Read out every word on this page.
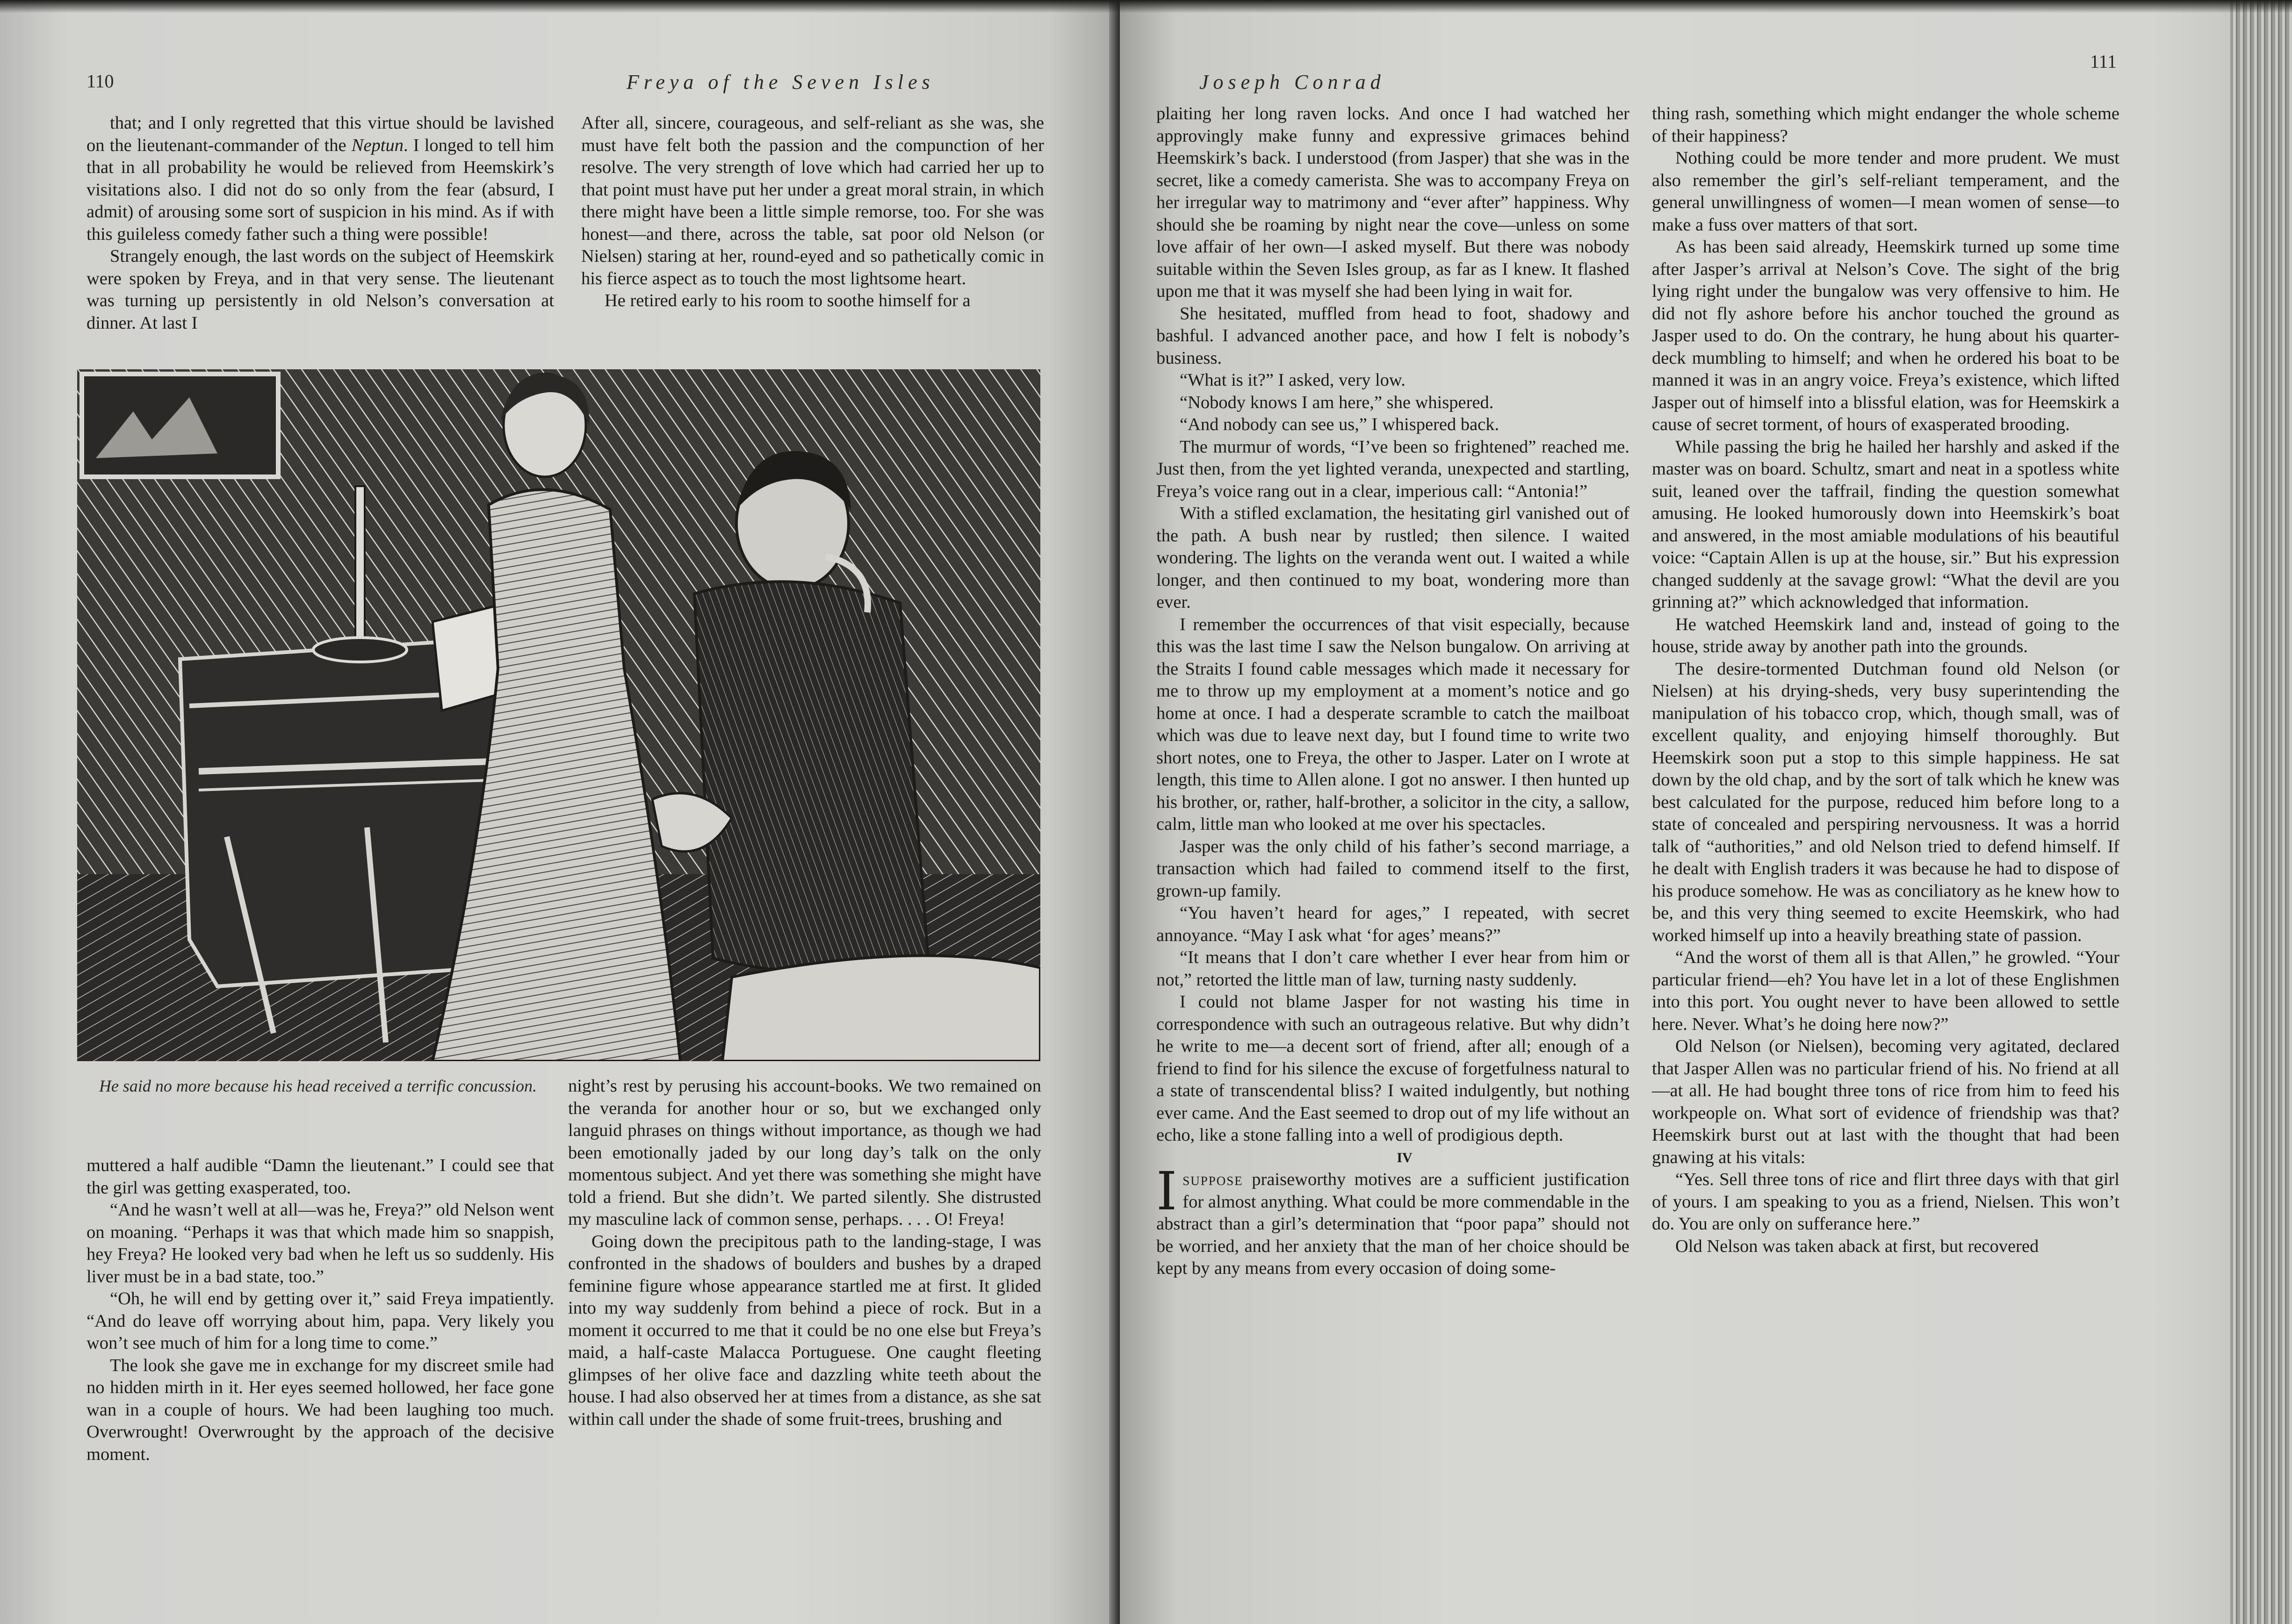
110	Freya of the Seven Isles

that; and I only regretted that this virtue should be lavished on the lieutenant-commander of the Neptun. I longed to tell him that in all probability he would be relieved from Heemskirk’s visitations also. I did not do so only from the fear (absurd, I admit) of arousing some sort of suspicion in his mind. As if with this guileless comedy father such a thing were possible!

Strangely enough, the last words on the subject of Heemskirk were spoken by Freya, and in that very sense. The lieutenant was turning up persistently in old Nelson’s conversation at dinner. At last I

After all, sincere, courageous, and self-reliant as she was, she must have felt both the passion and the compunction of her resolve. The very strength of love which had carried her up to that point must have put her under a great moral strain, in which there might have been a little simple remorse, too. For she was honest—and there, across the table, sat poor old Nelson (or Nielsen) staring at her, round-eyed and so pathetically comic in his fierce aspect as to touch the most lightsome heart.

He retired early to his room to soothe himself for a

He said no more because his head received a terrific concussion.

muttered a half audible “Damn the lieutenant.” I could see that the girl was getting exasperated, too.

“And he wasn’t well at all—was he, Freya?” old Nelson went on moaning. “Perhaps it was that which made him so snappish, hey Freya? He looked very bad when he left us so suddenly. His liver must be in a bad state, too.”

“Oh, he will end by getting over it,” said Freya impatiently. “And do leave off worrying about him, papa. Very likely you won’t see much of him for a long time to come.”

The look she gave me in exchange for my discreet smile had no hidden mirth in it. Her eyes seemed hollowed, her face gone wan in a couple of hours. We had been laughing too much. Overwrought! Overwrought by the approach of the decisive moment.

night’s rest by perusing his account-books. We two remained on the veranda for another hour or so, but we exchanged only languid phrases on things without importance, as though we had been emotionally jaded by our long day’s talk on the only momentous subject. And yet there was something she might have told a friend. But she didn’t. We parted silently. She distrusted my masculine lack of common sense, perhaps. . . . O! Freya!

Going down the precipitous path to the landing-stage, I was confronted in the shadows of boulders and bushes by a draped feminine figure whose appearance startled me at first. It glided into my way suddenly from behind a piece of rock. But in a moment it occurred to me that it could be no one else but Freya’s maid, a half-caste Malacca Portuguese. One caught fleeting glimpses of her olive face and dazzling white teeth about the house. I had also observed her at times from a distance, as she sat within call under the shade of some fruit-trees, brushing and

Joseph Conrad
111

plaiting her long raven locks. And once I had watched her approvingly make funny and expressive grimaces behind Heemskirk’s back. I understood (from Jasper) that she was in the secret, like a comedy camerista. She was to accompany Freya on her irregular way to matrimony and “ever after” happiness. Why should she be roaming by night near the cove—unless on some love affair of her own—I asked myself. But there was nobody suitable within the Seven Isles group, as far as I knew. It flashed upon me that it was myself she had been lying in wait for.

She hesitated, muffled from head to foot, shadowy and bashful. I advanced another pace, and how I felt is nobody’s business.

“What is it?” I asked, very low.

“Nobody knows I am here,” she whispered.

“And nobody can see us,” I whispered back.

The murmur of words, “I’ve been so frightened” reached me. Just then, from the yet lighted veranda, unexpected and startling, Freya’s voice rang out in a clear, imperious call: “Antonia!”

With a stifled exclamation, the hesitating girl vanished out of the path. A bush near by rustled; then silence. I waited wondering. The lights on the veranda went out. I waited a while longer, and then continued to my boat, wondering more than ever.

I remember the occurrences of that visit especially, because this was the last time I saw the Nelson bungalow. On arriving at the Straits I found cable messages which made it necessary for me to throw up my employment at a moment’s notice and go home at once. I had a desperate scramble to catch the mailboat which was due to leave next day, but I found time to write two short notes, one to Freya, the other to Jasper. Later on I wrote at length, this time to Allen alone. I got no answer. I then hunted up his brother, or, rather, half-brother, a solicitor in the city, a sallow, calm, little man who looked at me over his spectacles.

Jasper was the only child of his father’s second marriage, a transaction which had failed to commend itself to the first, grown-up family.

“You haven’t heard for ages,” I repeated, with secret annoyance. “May I ask what ‘for ages’ means?”

“It means that I don’t care whether I ever hear from him or not,” retorted the little man of law, turning nasty suddenly.

I could not blame Jasper for not wasting his time in correspondence with such an outrageous relative. But why didn’t he write to me—a decent sort of friend, after all; enough of a friend to find for his silence the excuse of forgetfulness natural to a state of transcendental bliss? I waited indulgently, but nothing ever came. And the East seemed to drop out of my life without an echo, like a stone falling into a well of prodigious depth.

IV

Isuppose praiseworthy motives are a sufficient justification for almost anything. What could be more commendable in the abstract than a girl’s determination that “poor papa” should not be worried, and her anxiety that the man of her choice should be kept by any means from every occasion of doing some-

thing rash, something which might endanger the whole scheme of their happiness?

Nothing could be more tender and more prudent. We must also remember the girl’s self-reliant temperament, and the general unwillingness of women—I mean women of sense—to make a fuss over matters of that sort.

As has been said already, Heemskirk turned up some time after Jasper’s arrival at Nelson’s Cove. The sight of the brig lying right under the bungalow was very offensive to him. He did not fly ashore before his anchor touched the ground as Jasper used to do. On the contrary, he hung about his quarter-deck mumbling to himself; and when he ordered his boat to be manned it was in an angry voice. Freya’s existence, which lifted Jasper out of himself into a blissful elation, was for Heemskirk a cause of secret torment, of hours of exasperated brooding.

While passing the brig he hailed her harshly and asked if the master was on board. Schultz, smart and neat in a spotless white suit, leaned over the taffrail, finding the question somewhat amusing. He looked humorously down into Heemskirk’s boat and answered, in the most amiable modulations of his beautiful voice: “Captain Allen is up at the house, sir.” But his expression changed suddenly at the savage growl: “What the devil are you grinning at?” which acknowledged that information.

He watched Heemskirk land and, instead of going to the house, stride away by another path into the grounds.

The desire-tormented Dutchman found old Nelson (or Nielsen) at his drying-sheds, very busy superintending the manipulation of his tobacco crop, which, though small, was of excellent quality, and enjoying himself thoroughly. But Heemskirk soon put a stop to this simple happiness. He sat down by the old chap, and by the sort of talk which he knew was best calculated for the purpose, reduced him before long to a state of concealed and perspiring nervousness. It was a horrid talk of “authorities,” and old Nelson tried to defend himself. If he dealt with English traders it was because he had to dispose of his produce somehow. He was as conciliatory as he knew how to be, and this very thing seemed to excite Heemskirk, who had worked himself up into a heavily breathing state of passion.

“And the worst of them all is that Allen,” he growled. “Your particular friend—eh? You have let in a lot of these Englishmen into this port. You ought never to have been allowed to settle here. Never. What’s he doing here now?”

Old Nelson (or Nielsen), becoming very agitated, declared that Jasper Allen was no particular friend of his. No friend at all—at all. He had bought three tons of rice from him to feed his workpeople on. What sort of evidence of friendship was that? Heemskirk burst out at last with the thought that had been gnawing at his vitals:

“Yes. Sell three tons of rice and flirt three days with that girl of yours. I am speaking to you as a friend, Nielsen. This won’t do. You are only on sufferance here.”

Old Nelson was taken aback at first, but recovered
